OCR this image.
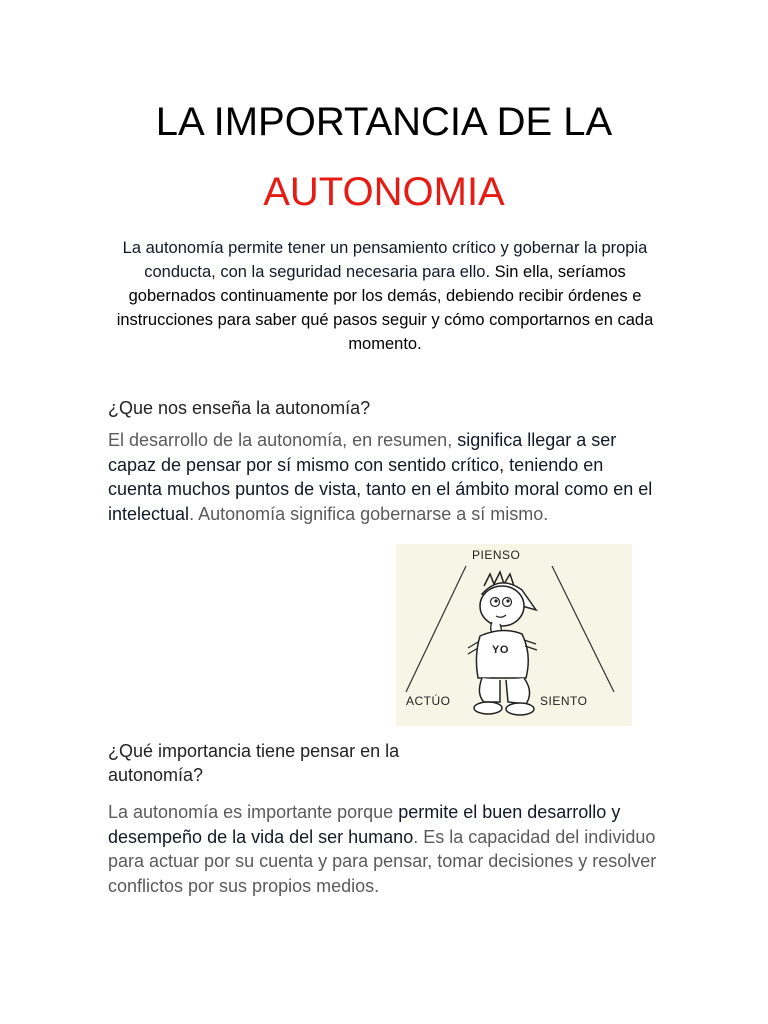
LA IMPORTANCIA DE LA
AUTONOMIA
La autonomía permite tener un pensamiento crítico y gobernar la propia conducta, con la seguridad necesaria para ello. Sin ella, seríamos gobernados continuamente por los demás, debiendo recibir órdenes e instrucciones para saber qué pasos seguir y cómo comportarnos en cada momento.
¿Que nos enseña la autonomía?
El desarrollo de la autonomía, en resumen, significa llegar a ser capaz de pensar por sí mismo con sentido crítico, teniendo en cuenta muchos puntos de vista, tanto en el ámbito moral como en el intelectual. Autonomía significa gobernarse a sí mismo.
PIENSO
YO
ACTÚO	SIENTO
¿Qué importancia tiene pensar en la autonomía?
La autonomía es importante porque permite el buen desarrollo y desempeño de la vida del ser humano. Es la capacidad del individuo para actuar por su cuenta y para pensar, tomar decisiones y resolver conflictos por sus propios medios.
